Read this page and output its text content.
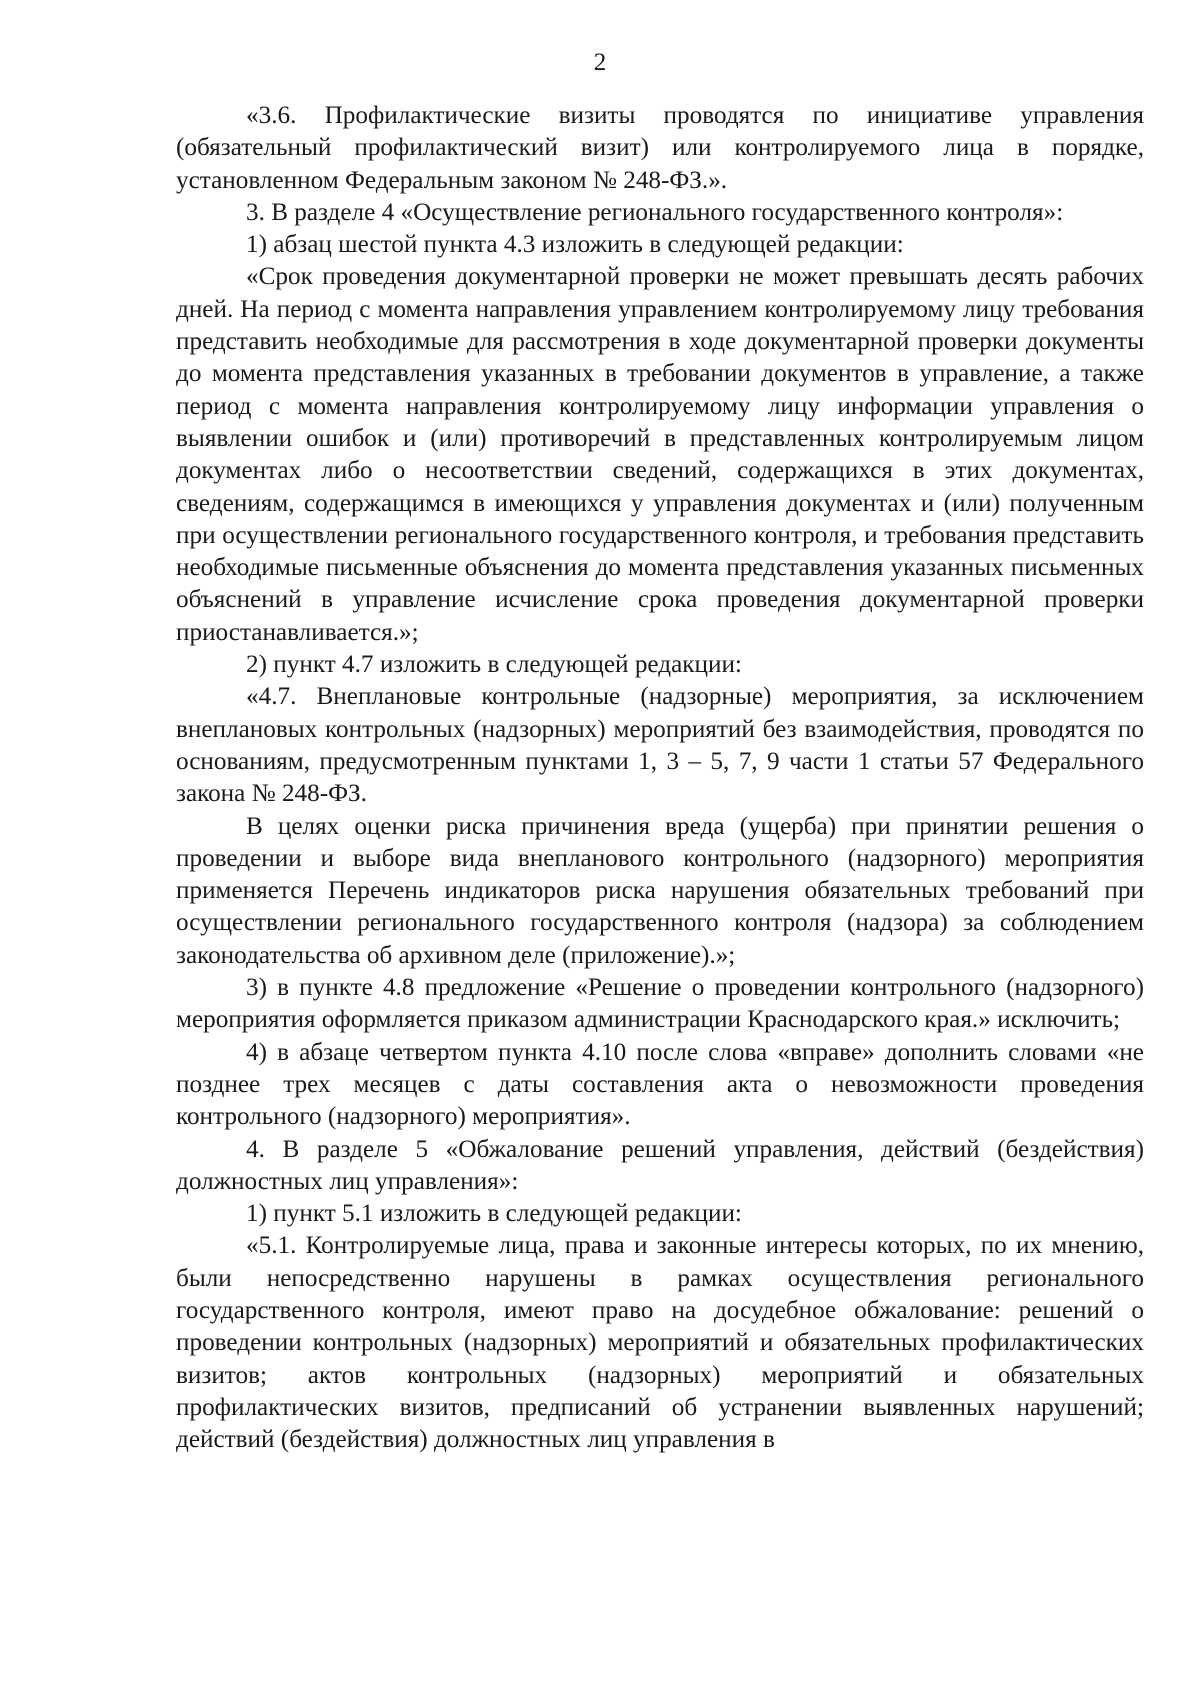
2

«3.6. Профилактические визиты проводятся по инициативе управления (обязательный профилактический визит) или контролируемого лица в порядке, установленном Федеральным законом № 248-ФЗ.».

3. В разделе 4 «Осуществление регионального государственного контроля»:

1) абзац шестой пункта 4.3 изложить в следующей редакции:

«Срок проведения документарной проверки не может превышать десять рабочих дней. На период с момента направления управлением контролируемому лицу требования представить необходимые для рассмотрения в ходе документарной проверки документы до момента представления указанных в требовании документов в управление, а также период с момента направления контролируемому лицу информации управления о выявлении ошибок и (или) противоречий в представленных контролируемым лицом документах либо о несоответствии сведений, содержащихся в этих документах, сведениям, содержащимся в имеющихся у управления документах и (или) полученным при осуществлении регионального государственного контроля, и требования представить необходимые письменные объяснения до момента представления указанных письменных объяснений в управление исчисление срока проведения документарной проверки приостанавливается.»;

2) пункт 4.7 изложить в следующей редакции:

«4.7. Внеплановые контрольные (надзорные) мероприятия, за исключением внеплановых контрольных (надзорных) мероприятий без взаимодействия, проводятся по основаниям, предусмотренным пунктами 1, 3 – 5, 7, 9 части 1 статьи 57 Федерального закона № 248-ФЗ.

В целях оценки риска причинения вреда (ущерба) при принятии решения о проведении и выборе вида внепланового контрольного (надзорного) мероприятия применяется Перечень индикаторов риска нарушения обязательных требований при осуществлении регионального государственного контроля (надзора) за соблюдением законодательства об архивном деле (приложение).»;

3) в пункте 4.8 предложение «Решение о проведении контрольного (надзорного) мероприятия оформляется приказом администрации Краснодарского края.» исключить;

4) в абзаце четвертом пункта 4.10 после слова «вправе» дополнить словами «не позднее трех месяцев с даты составления акта о невозможности проведения контрольного (надзорного) мероприятия».

4. В разделе 5 «Обжалование решений управления, действий (бездействия) должностных лиц управления»:

1) пункт 5.1 изложить в следующей редакции:

«5.1. Контролируемые лица, права и законные интересы которых, по их мнению, были непосредственно нарушены в рамках осуществления регионального государственного контроля, имеют право на досудебное обжалование: решений о проведении контрольных (надзорных) мероприятий и обязательных профилактических визитов; актов контрольных (надзорных) мероприятий и обязательных профилактических визитов, предписаний об устранении выявленных нарушений; действий (бездействия) должностных лиц управления в
